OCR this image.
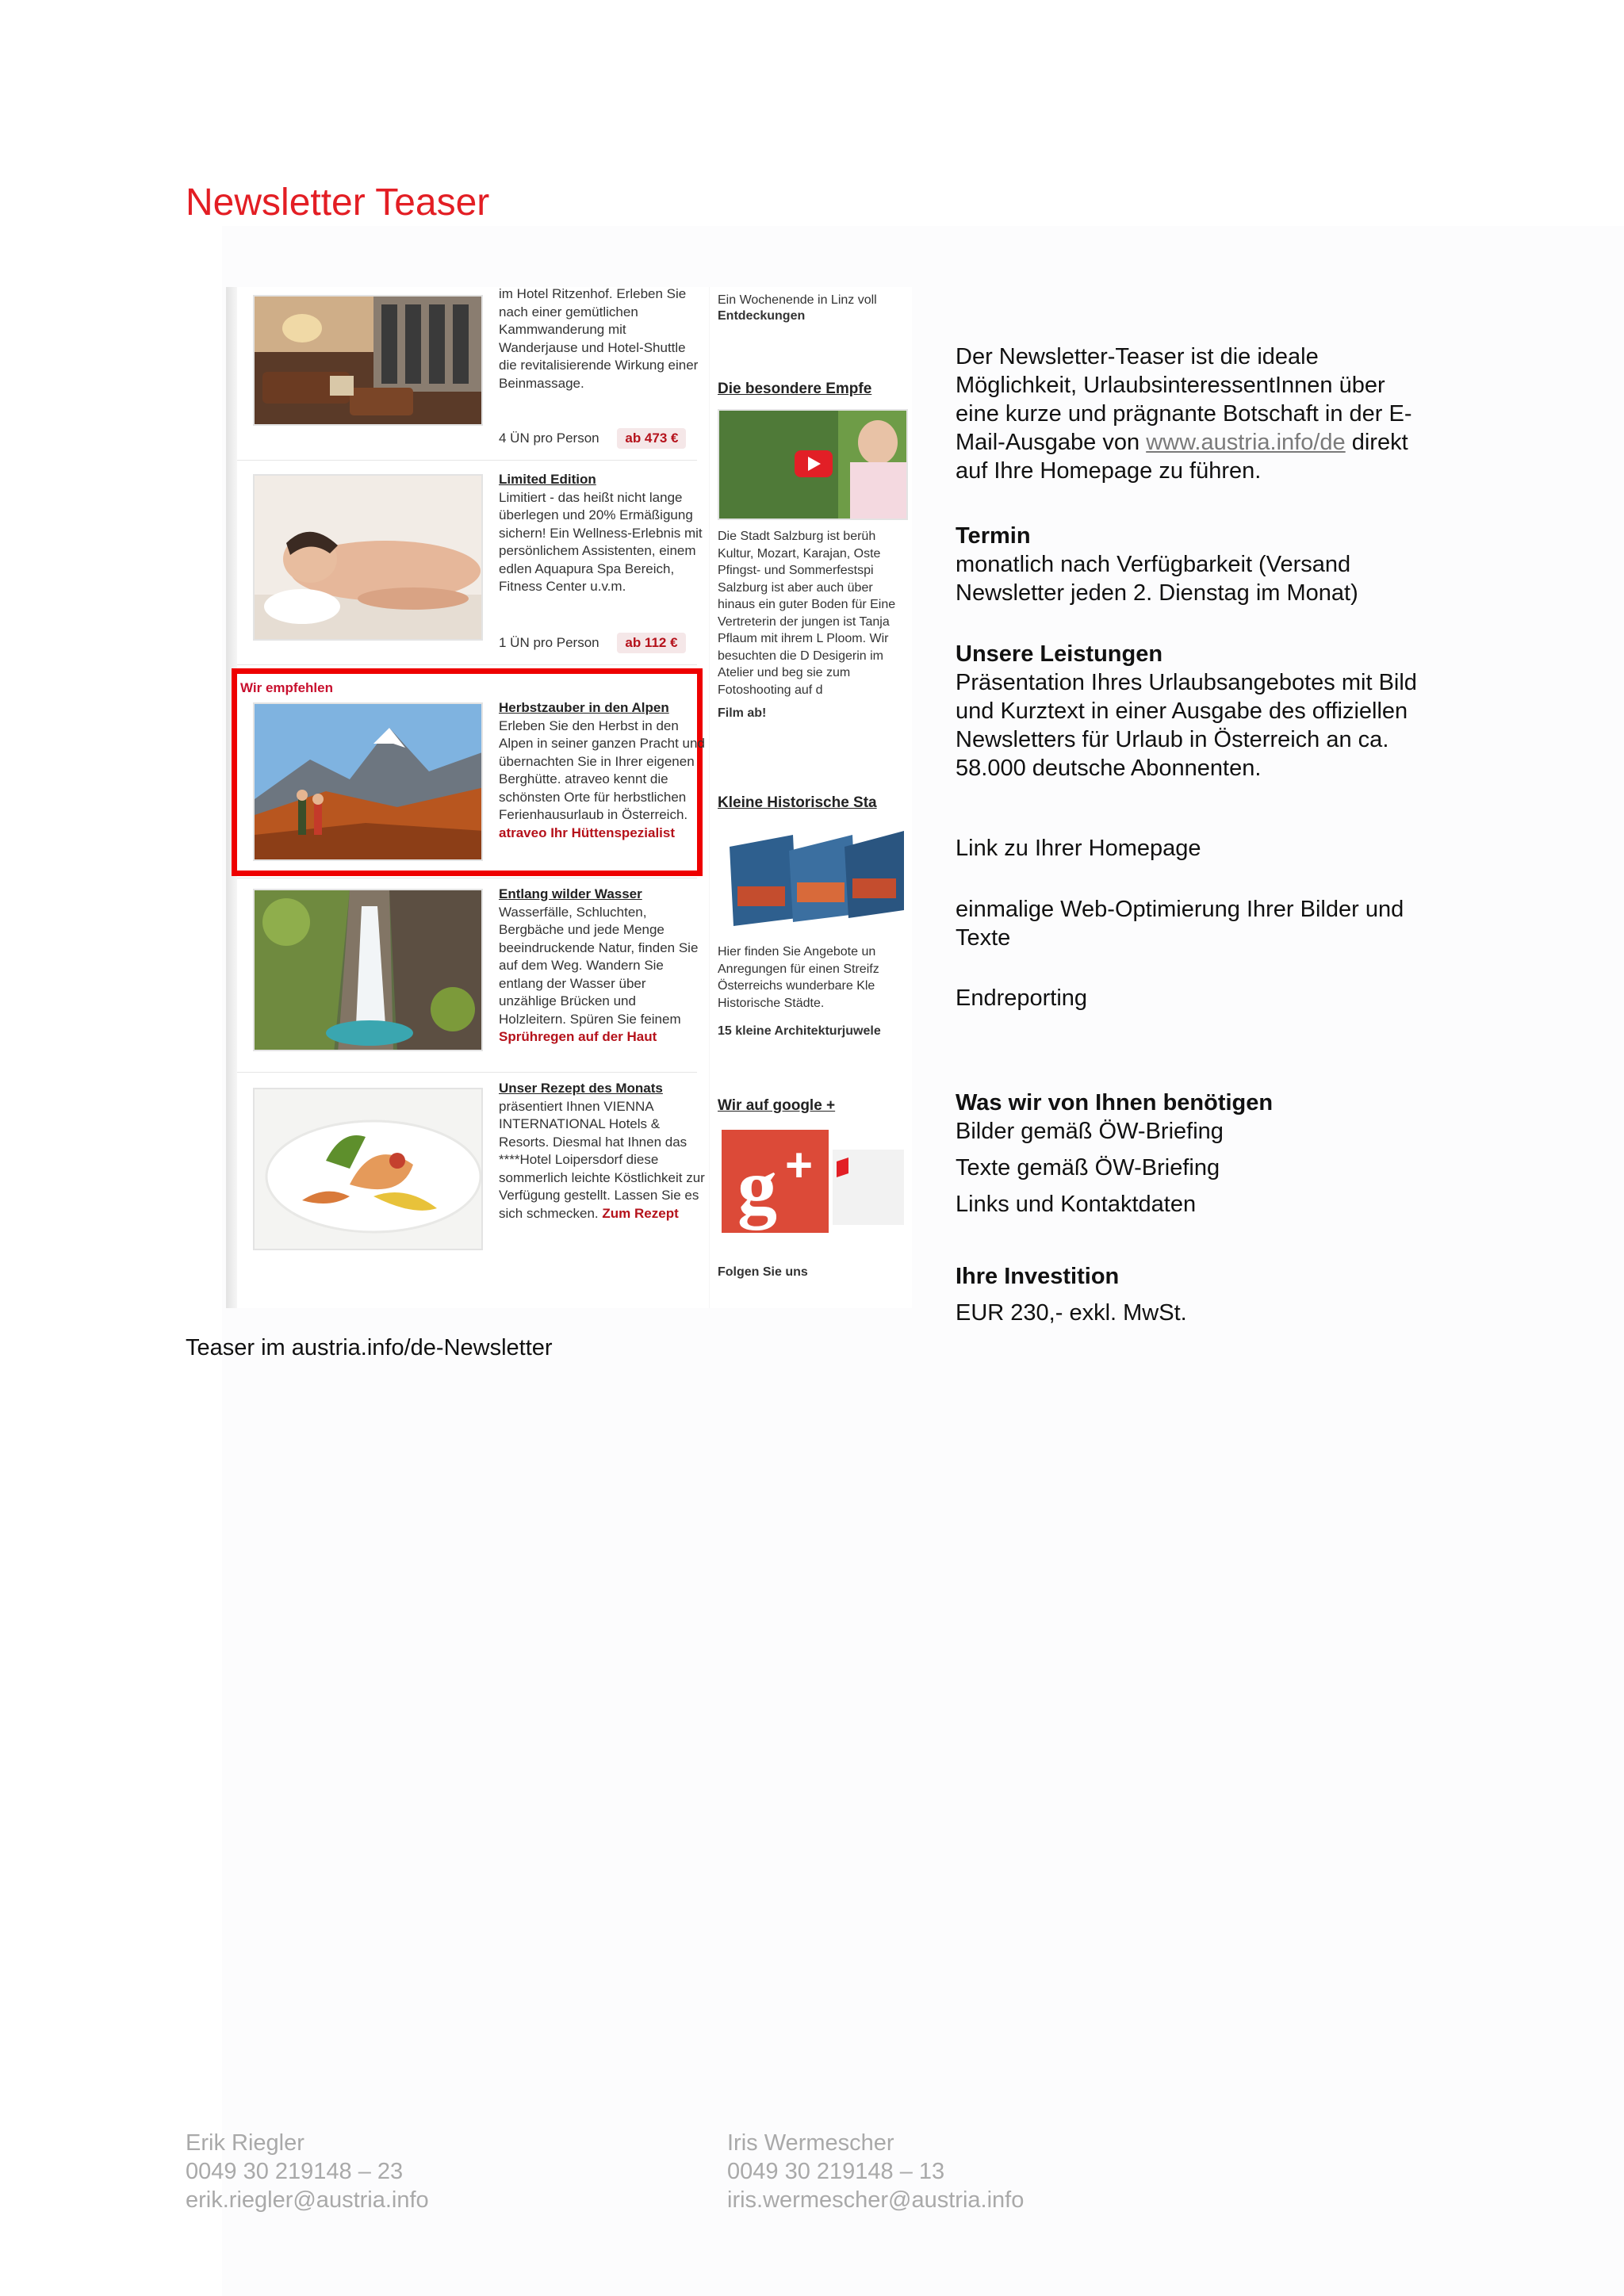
Newsletter Teaser
im Hotel Ritzenhof. Erleben Sie nach einer gemütlichen Kammwanderung mit Wanderjause und Hotel-Shuttle die revitalisierende Wirkung einer Beinmassage.
4 ÜN pro Person ab 473 €
Limited Edition
Limitiert - das heißt nicht lange überlegen und 20% Ermäßigung sichern! Ein Wellness-Erlebnis mit persönlichem Assistenten, einem edlen Aquapura Spa Bereich, Fitness Center u.v.m.
1 ÜN pro Person ab 112 €
Wir empfehlen
Herbstzauber in den Alpen
Erleben Sie den Herbst in den Alpen in seiner ganzen Pracht und übernachten Sie in Ihrer eigenen Berghütte. atraveo kennt die schönsten Orte für herbstlichen Ferienhausurlaub in Österreich. atraveo Ihr Hüttenspezialist
Entlang wilder Wasser
Wasserfälle, Schluchten, Bergbäche und jede Menge beeindruckende Natur, finden Sie auf dem Weg. Wandern Sie entlang der Wasser über unzählige Brücken und Holzleitern. Spüren Sie feinem Sprühregen auf der Haut
Unser Rezept des Monats
präsentiert Ihnen VIENNA INTERNATIONAL Hotels & Resorts. Diesmal hat Ihnen das ****Hotel Loipersdorf diese sommerlich leichte Köstlichkeit zur Verfügung gestellt. Lassen Sie es sich schmecken. Zum Rezept
Ein Wochenende in Linz voll
Entdeckungen
Die besondere Empfe
Die Stadt Salzburg ist berüh Kultur, Mozart, Karajan, Oste Pfingst- und Sommerfestspi Salzburg ist aber auch über hinaus ein guter Boden für Eine Vertreterin der jungen ist Tanja Pflaum mit ihrem L Ploom. Wir besuchten die D Desigerin im Atelier und beg sie zum Fotoshooting auf d
Film ab!
Kleine Historische Sta
Hier finden Sie Angebote un Anregungen für einen Streifz Österreichs wunderbare Kle Historische Städte.
15 kleine Architekturjuwele
Wir auf google +
g +
Folgen Sie uns
Der Newsletter-Teaser ist die ideale Möglichkeit, UrlaubsinteressentInnen über eine kurze und prägnante Botschaft in der E-Mail-Ausgabe von www.austria.info/de direkt auf Ihre Homepage zu führen.

Termin

monatlich nach Verfügbarkeit (Versand Newsletter jeden 2. Dienstag im Monat)

Unsere Leistungen

Präsentation Ihres Urlaubsangebotes mit Bild und Kurztext in einer Ausgabe des offiziellen Newsletters für Urlaub in Österreich an ca. 58.000 deutsche Abonnenten.

Link zu Ihrer Homepage
einmalige Web-Optimierung Ihrer Bilder und Texte
Endreporting

Was wir von Ihnen benötigen

Bilder gemäß ÖW-Briefing

Texte gemäß ÖW-Briefing

Links und Kontaktdaten

Ihre Investition

EUR 230,- exkl. MwSt.

Teaser im austria.info/de-Newsletter
Erik Riegler
0049 30 219148 – 23
erik.riegler@austria.info
Iris Wermescher
0049 30 219148 – 13
iris.wermescher@austria.info
